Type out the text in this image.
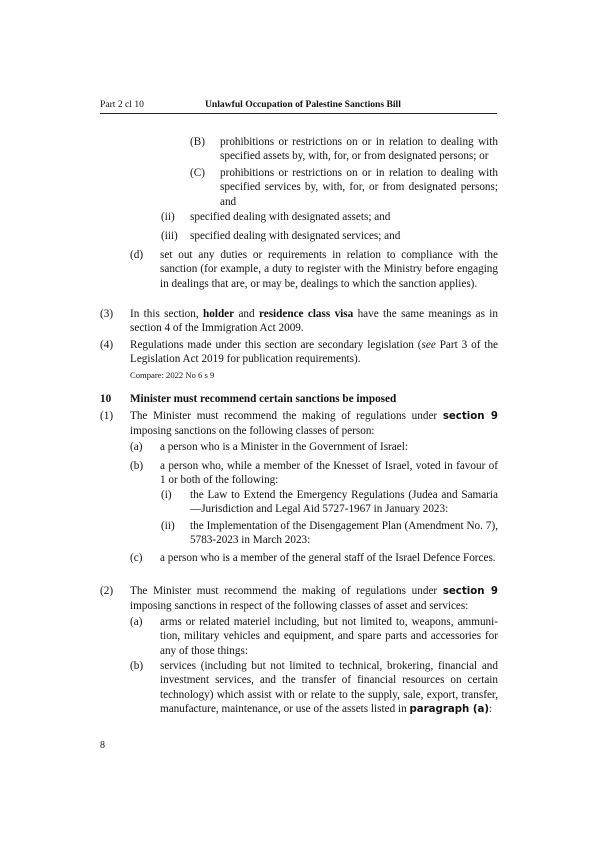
Part 2 cl 10	Unlawful Occupation of Palestine Sanctions Bill
(B) prohibitions or restrictions on or in relation to dealing with specified assets by, with, for, or from designated persons; or
(C) prohibitions or restrictions on or in relation to dealing with specified services by, with, for, or from designated persons; and
(ii) specified dealing with designated assets; and
(iii) specified dealing with designated services; and
(d) set out any duties or requirements in relation to compliance with the sanction (for example, a duty to register with the Ministry before engaging in dealings that are, or may be, dealings to which the sanction applies).
(3) In this section, holder and residence class visa have the same meanings as in section 4 of the Immigration Act 2009.
(4) Regulations made under this section are secondary legislation (see Part 3 of the Legislation Act 2019 for publication requirements).
Compare: 2022 No 6 s 9
10 Minister must recommend certain sanctions be imposed
(1) The Minister must recommend the making of regulations under section 9 imposing sanctions on the following classes of person:
(a) a person who is a Minister in the Government of Israel:
(b) a person who, while a member of the Knesset of Israel, voted in favour of 1 or both of the following:
(i) the Law to Extend the Emergency Regulations (Judea and Samaria—Jurisdiction and Legal Aid 5727-1967 in January 2023:
(ii) the Implementation of the Disengagement Plan (Amendment No. 7), 5783-2023 in March 2023:
(c) a person who is a member of the general staff of the Israel Defence Forces.
(2) The Minister must recommend the making of regulations under section 9 imposing sanctions in respect of the following classes of asset and services:
(a) arms or related materiel including, but not limited to, weapons, ammunition, military vehicles and equipment, and spare parts and accessories for any of those things:
(b) services (including but not limited to technical, brokering, financial and investment services, and the transfer of financial resources on certain technology) which assist with or relate to the supply, sale, export, transfer, manufacture, maintenance, or use of the assets listed in paragraph (a):
8
